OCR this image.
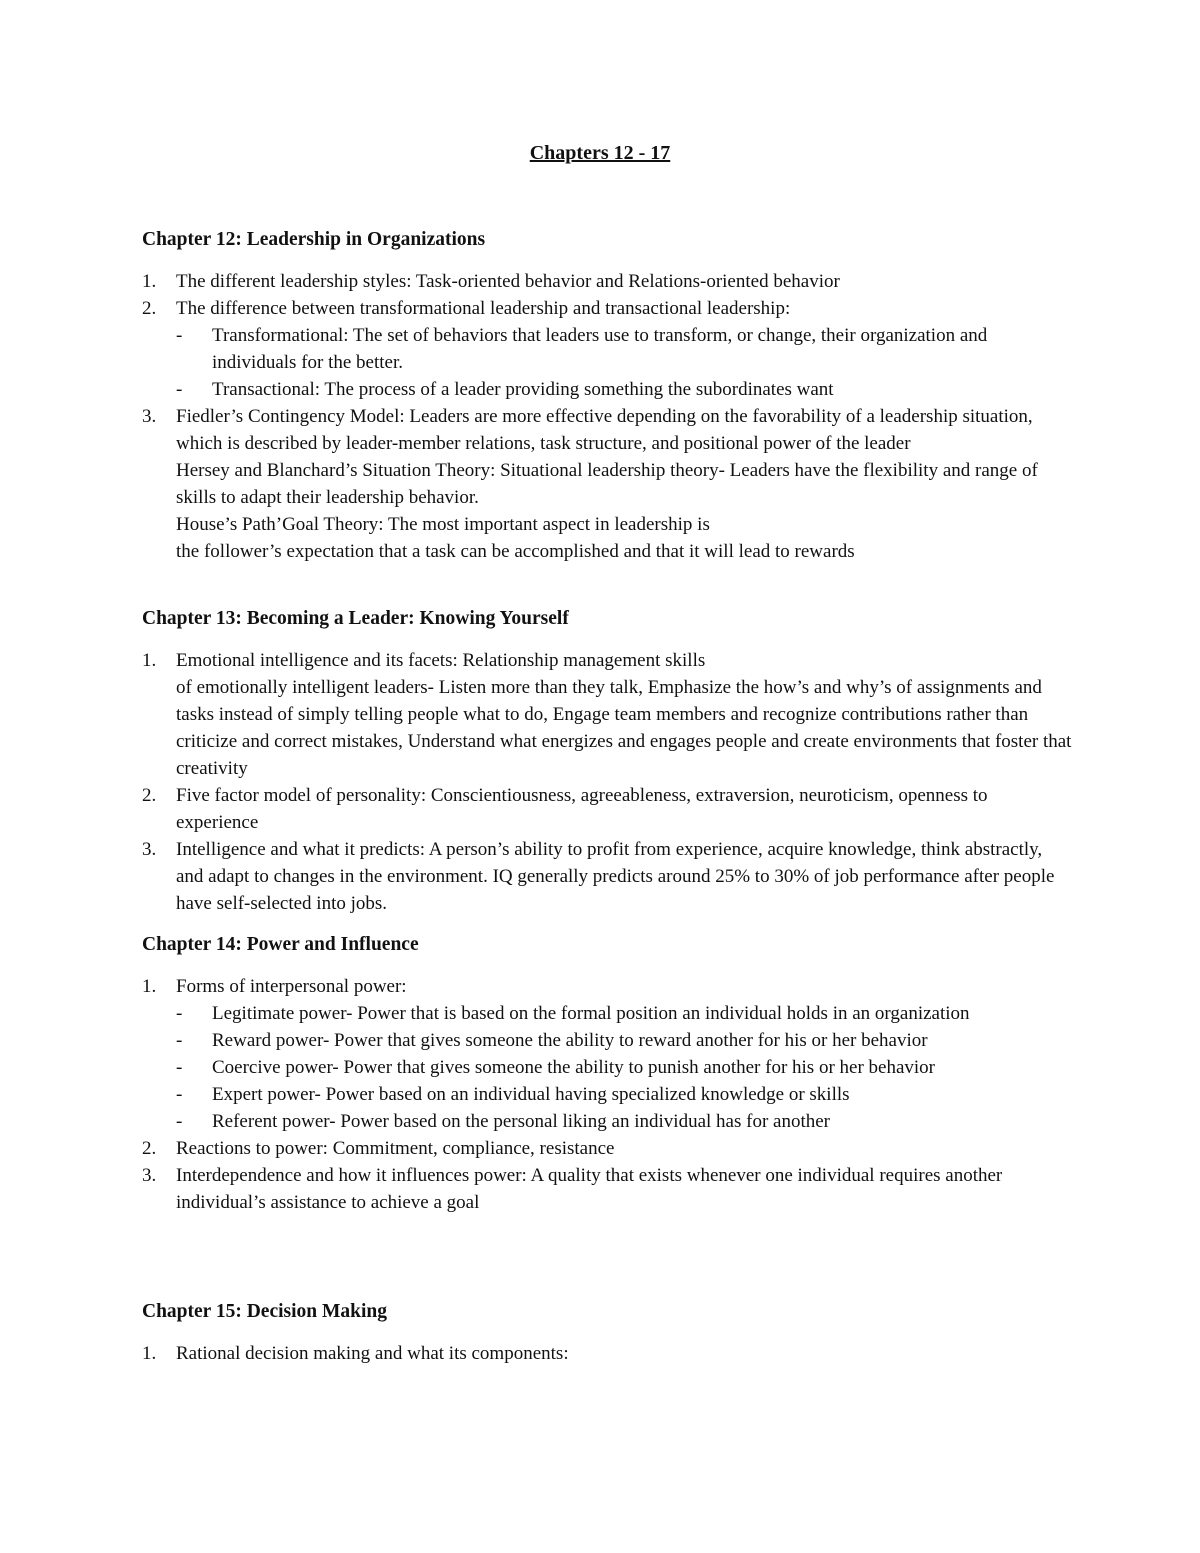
Chapters 12 - 17
Chapter 12: Leadership in Organizations
1. The different leadership styles: Task-oriented behavior and Relations-oriented behavior
2. The difference between transformational leadership and transactional leadership:
- Transformational: The set of behaviors that leaders use to transform, or change, their organization and individuals for the better.
- Transactional: The process of a leader providing something the subordinates want
3. Fiedler’s Contingency Model: Leaders are more effective depending on the favorability of a leadership situation, which is described by leader-member relations, task structure, and positional power of the leader
Hersey and Blanchard’s Situation Theory: Situational leadership theory- Leaders have the flexibility and range of skills to adapt their leadership behavior.
House’s Path’Goal Theory: The most important aspect in leadership is
the follower’s expectation that a task can be accomplished and that it will lead to rewards
Chapter 13: Becoming a Leader: Knowing Yourself
1. Emotional intelligence and its facets: Relationship management skills
of emotionally intelligent leaders- Listen more than they talk, Emphasize the how’s and why’s of assignments and tasks instead of simply telling people what to do, Engage team members and recognize contributions rather than criticize and correct mistakes, Understand what energizes and engages people and create environments that foster that creativity
2. Five factor model of personality: Conscientiousness, agreeableness, extraversion, neuroticism, openness to experience
3. Intelligence and what it predicts: A person’s ability to profit from experience, acquire knowledge, think abstractly, and adapt to changes in the environment. IQ generally predicts around 25% to 30% of job performance after people have self-selected into jobs.
Chapter 14: Power and Influence
1. Forms of interpersonal power:
- Legitimate power- Power that is based on the formal position an individual holds in an organization
- Reward power- Power that gives someone the ability to reward another for his or her behavior
- Coercive power- Power that gives someone the ability to punish another for his or her behavior
- Expert power- Power based on an individual having specialized knowledge or skills
- Referent power- Power based on the personal liking an individual has for another
2. Reactions to power: Commitment, compliance, resistance
3. Interdependence and how it influences power: A quality that exists whenever one individual requires another individual’s assistance to achieve a goal
Chapter 15: Decision Making
1. Rational decision making and what its components:
